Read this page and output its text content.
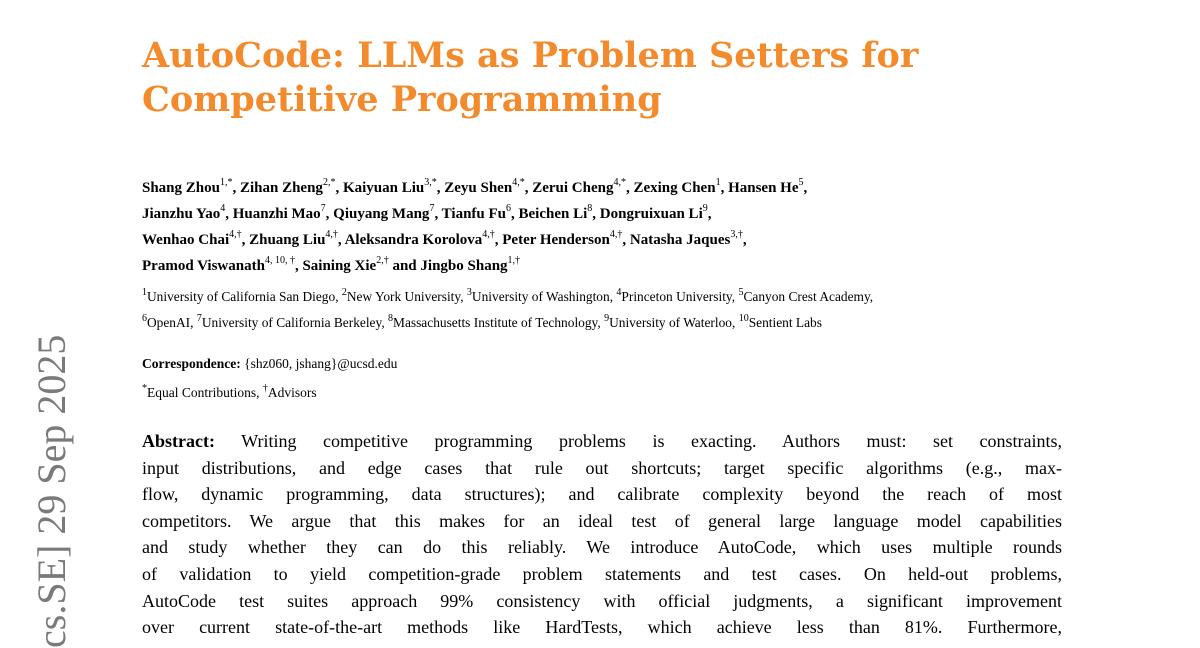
cs.SE] 29 Sep 2025
AutoCode: LLMs as Problem Setters for
Competitive Programming
Shang Zhou$^{1,*}$, Zihan Zheng$^{2,*}$, Kaiyuan Liu$^{3,*}$, Zeyu Shen$^{4,*}$, Zerui Cheng$^{4,*}$, Zexing Chen$^1$, Hansen He$^5$,
Jianzhu Yao$^4$, Huanzhi Mao$^7$, Qiuyang Mang$^7$, Tianfu Fu$^6$, Beichen Li$^8$, Dongruixuan Li$^9$,
Wenhao Chai$^{4,\dagger}$, Zhuang Liu$^{4,\dagger}$, Aleksandra Korolova$^{4,\dagger}$, Peter Henderson$^{4,\dagger}$, Natasha Jaques$^{3,\dagger}$,
Pramod Viswanath$^{4, 10, \dagger}$, Saining Xie$^{2,\dagger}$ and Jingbo Shang$^{1,\dagger}$
$^1$University of California San Diego, $^2$New York University, $^3$University of Washington, $^4$Princeton University, $^5$Canyon Crest Academy,
$^6$OpenAI, $^7$University of California Berkeley, $^8$Massachusetts Institute of Technology, $^9$University of Waterloo, $^{10}$Sentient Labs
Correspondence: {shz060, jshang}@ucsd.edu
*Equal Contributions, †Advisors
Abstract: Writing competitive programming problems is exacting. Authors must: set constraints,
input distributions, and edge cases that rule out shortcuts; target specific algorithms (e.g., max-
flow, dynamic programming, data structures); and calibrate complexity beyond the reach of most
competitors. We argue that this makes for an ideal test of general large language model capabilities
and study whether they can do this reliably. We introduce AutoCode, which uses multiple rounds
of validation to yield competition-grade problem statements and test cases. On held-out problems,
AutoCode test suites approach 99% consistency with official judgments, a significant improvement
over current state-of-the-art methods like HardTests, which achieve less than 81%. Furthermore,
